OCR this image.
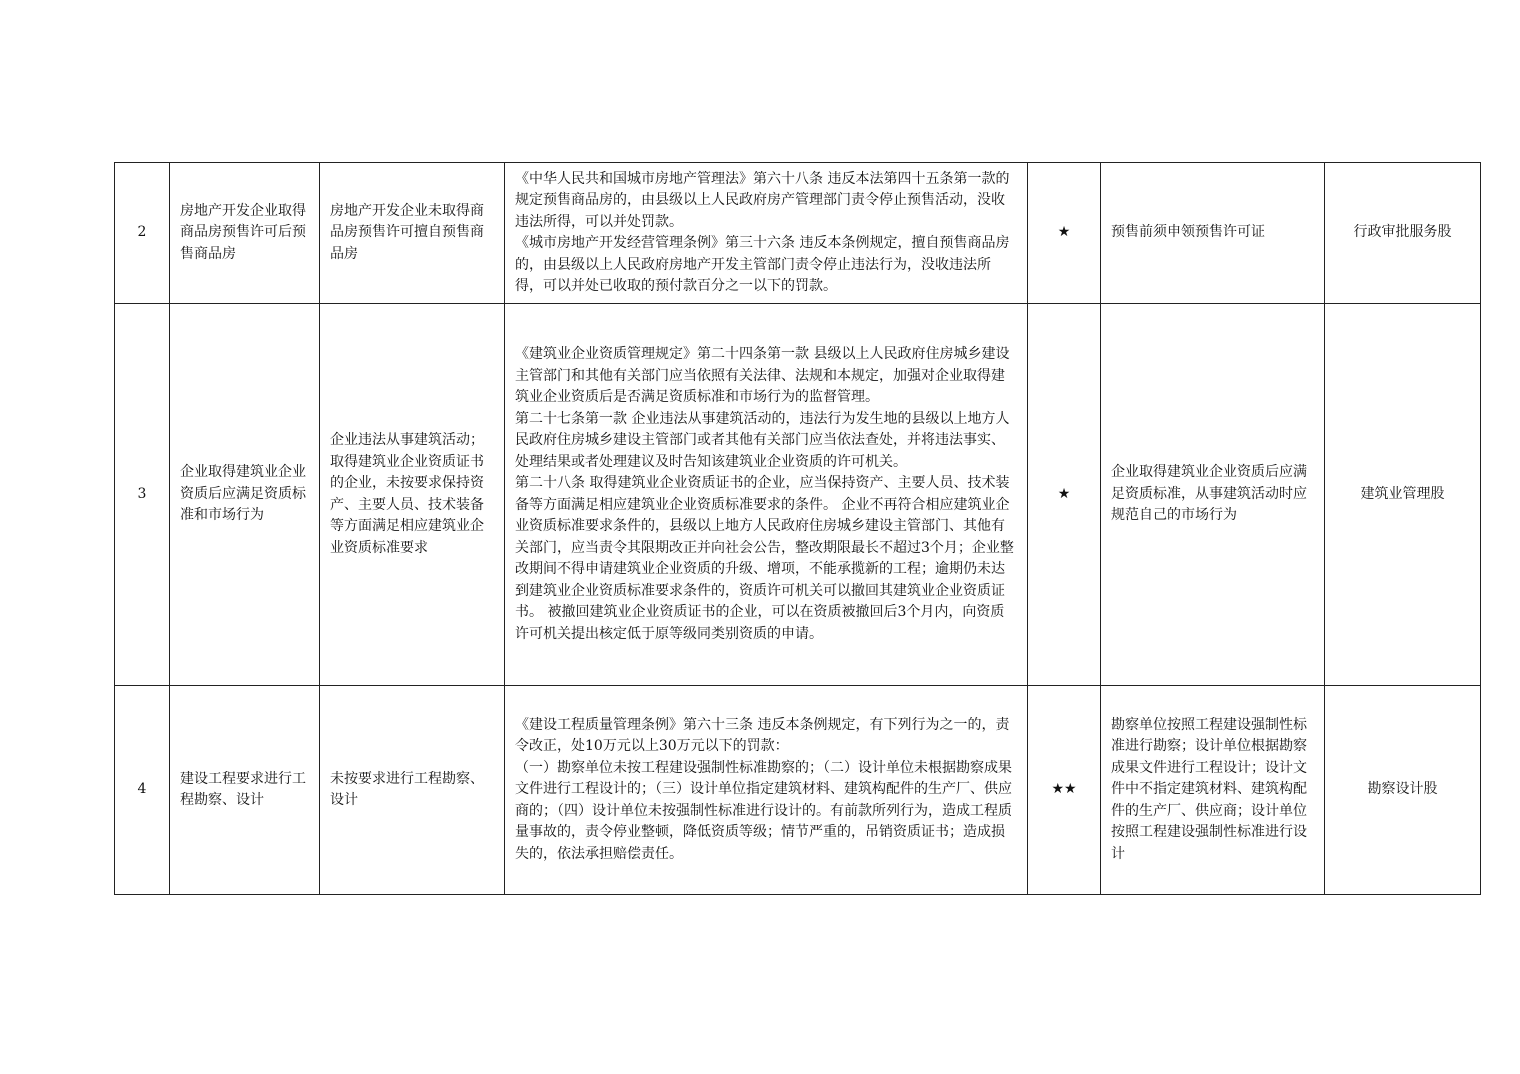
2	房地产开发企业取得商品房预售许可后预售商品房	房地产开发企业未取得商品房预售许可擅自预售商品房	《中华人民共和国城市房地产管理法》第六十八条 违反本法第四十五条第一款的规定预售商品房的，由县级以上人民政府房产管理部门责令停止预售活动，没收违法所得，可以并处罚款。
《城市房地产开发经营管理条例》第三十六条 违反本条例规定，擅自预售商品房的，由县级以上人民政府房地产开发主管部门责令停止违法行为，没收违法所得，可以并处已收取的预付款百分之一以下的罚款。	★	预售前须申领预售许可证	行政审批服务股
3	企业取得建筑业企业资质后应满足资质标准和市场行为	企业违法从事建筑活动；取得建筑业企业资质证书的企业，未按要求保持资产、主要人员、技术装备等方面满足相应建筑业企业资质标准要求	《建筑业企业资质管理规定》第二十四条第一款 县级以上人民政府住房城乡建设主管部门和其他有关部门应当依照有关法律、法规和本规定，加强对企业取得建筑业企业资质后是否满足资质标准和市场行为的监督管理。
第二十七条第一款 企业违法从事建筑活动的，违法行为发生地的县级以上地方人民政府住房城乡建设主管部门或者其他有关部门应当依法查处，并将违法事实、处理结果或者处理建议及时告知该建筑业企业资质的许可机关。
第二十八条 取得建筑业企业资质证书的企业，应当保持资产、主要人员、技术装备等方面满足相应建筑业企业资质标准要求的条件。 企业不再符合相应建筑业企业资质标准要求条件的，县级以上地方人民政府住房城乡建设主管部门、其他有关部门，应当责令其限期改正并向社会公告，整改期限最长不超过3个月；企业整改期间不得申请建筑业企业资质的升级、增项，不能承揽新的工程；逾期仍未达到建筑业企业资质标准要求条件的，资质许可机关可以撤回其建筑业企业资质证书。 被撤回建筑业企业资质证书的企业，可以在资质被撤回后3个月内，向资质许可机关提出核定低于原等级同类别资质的申请。	★	企业取得建筑业企业资质后应满足资质标准，从事建筑活动时应规范自己的市场行为	建筑业管理股
4	建设工程要求进行工程勘察、设计	未按要求进行工程勘察、设计	《建设工程质量管理条例》第六十三条 违反本条例规定，有下列行为之一的，责令改正，处10万元以上30万元以下的罚款：
（一）勘察单位未按工程建设强制性标准勘察的；（二）设计单位未根据勘察成果文件进行工程设计的；（三）设计单位指定建筑材料、建筑构配件的生产厂、供应商的；（四）设计单位未按强制性标准进行设计的。有前款所列行为，造成工程质量事故的，责令停业整顿，降低资质等级；情节严重的，吊销资质证书；造成损失的，依法承担赔偿责任。	★★	勘察单位按照工程建设强制性标准进行勘察；设计单位根据勘察成果文件进行工程设计；设计文件中不指定建筑材料、建筑构配件的生产厂、供应商；设计单位按照工程建设强制性标准进行设计	勘察设计股
